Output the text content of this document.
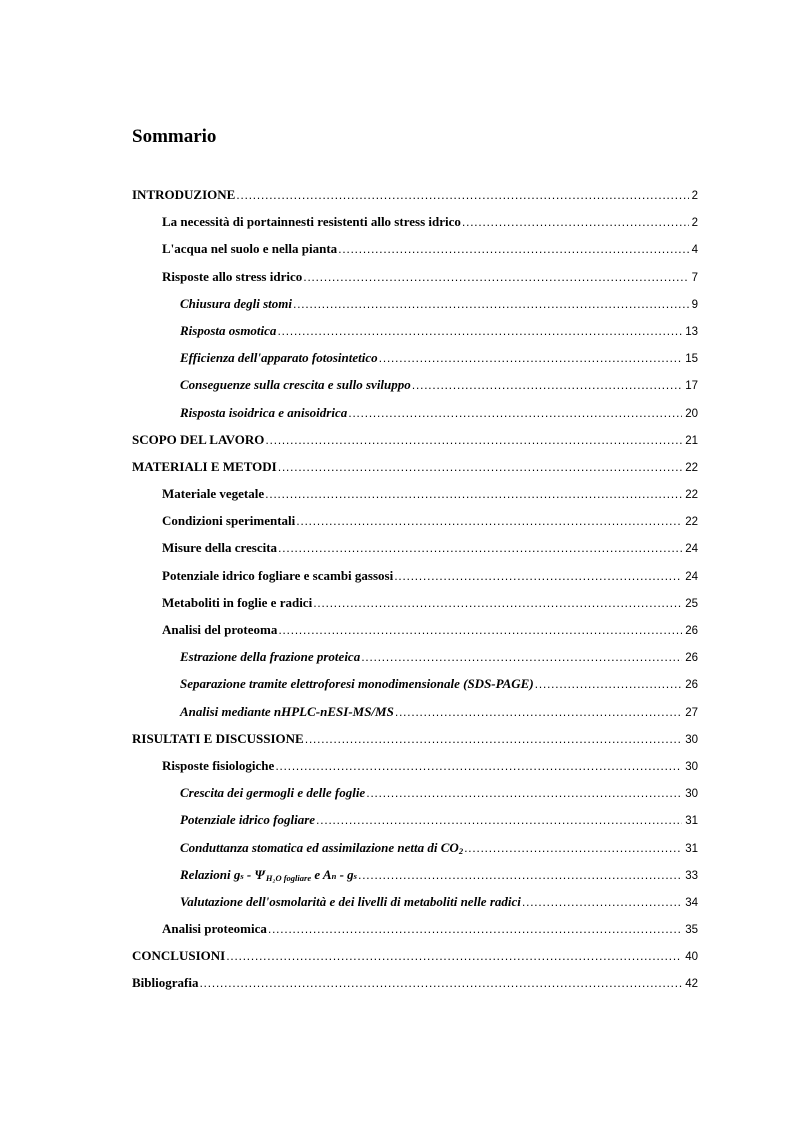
Sommario
INTRODUZIONE .....	2
La necessità di portainnesti resistenti allo stress idrico .....	2
L'acqua nel suolo e nella pianta .....	4
Risposte allo stress idrico .....	7
Chiusura degli stomi .....	9
Risposta osmotica .....	13
Efficienza dell'apparato fotosintetico .....	15
Conseguenze sulla crescita e sullo sviluppo .....	17
Risposta isoidrica e anisoidrica .....	20
SCOPO DEL LAVORO .....	21
MATERIALI E METODI .....	22
Materiale vegetale .....	22
Condizioni sperimentali .....	22
Misure della crescita .....	24
Potenziale idrico fogliare e scambi gassosi .....	24
Metaboliti in foglie e radici .....	25
Analisi del proteoma .....	26
Estrazione della frazione proteica .....	26
Separazione tramite elettroforesi monodimensionale (SDS-PAGE) .....	26
Analisi mediante nHPLC-nESI-MS/MS .....	27
RISULTATI E DISCUSSIONE .....	30
Risposte fisiologiche .....	30
Crescita dei germogli e delle foglie .....	30
Potenziale idrico fogliare .....	31
Conduttanza stomatica ed assimilazione netta di CO2 .....	31
Relazioni gs - ΨH₂O fogliare e An - gs .....	33
Valutazione dell'osmolarità e dei livelli di metaboliti nelle radici .....	34
Analisi proteomica .....	35
CONCLUSIONI .....	40
Bibliografia .....	42
